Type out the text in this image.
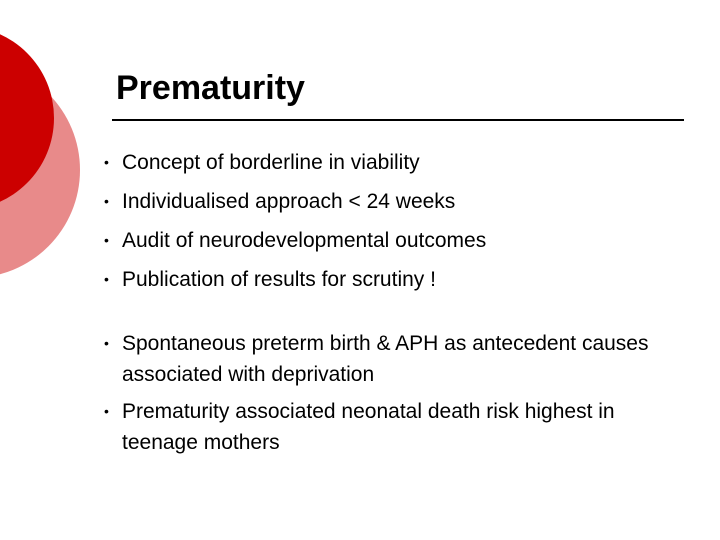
Prematurity
• Concept of borderline in viability
• Individualised approach < 24 weeks
• Audit of neurodevelopmental outcomes
• Publication of results for scrutiny !
• Spontaneous preterm birth & APH as antecedent causes associated with deprivation
• Prematurity associated neonatal death risk highest in teenage mothers
